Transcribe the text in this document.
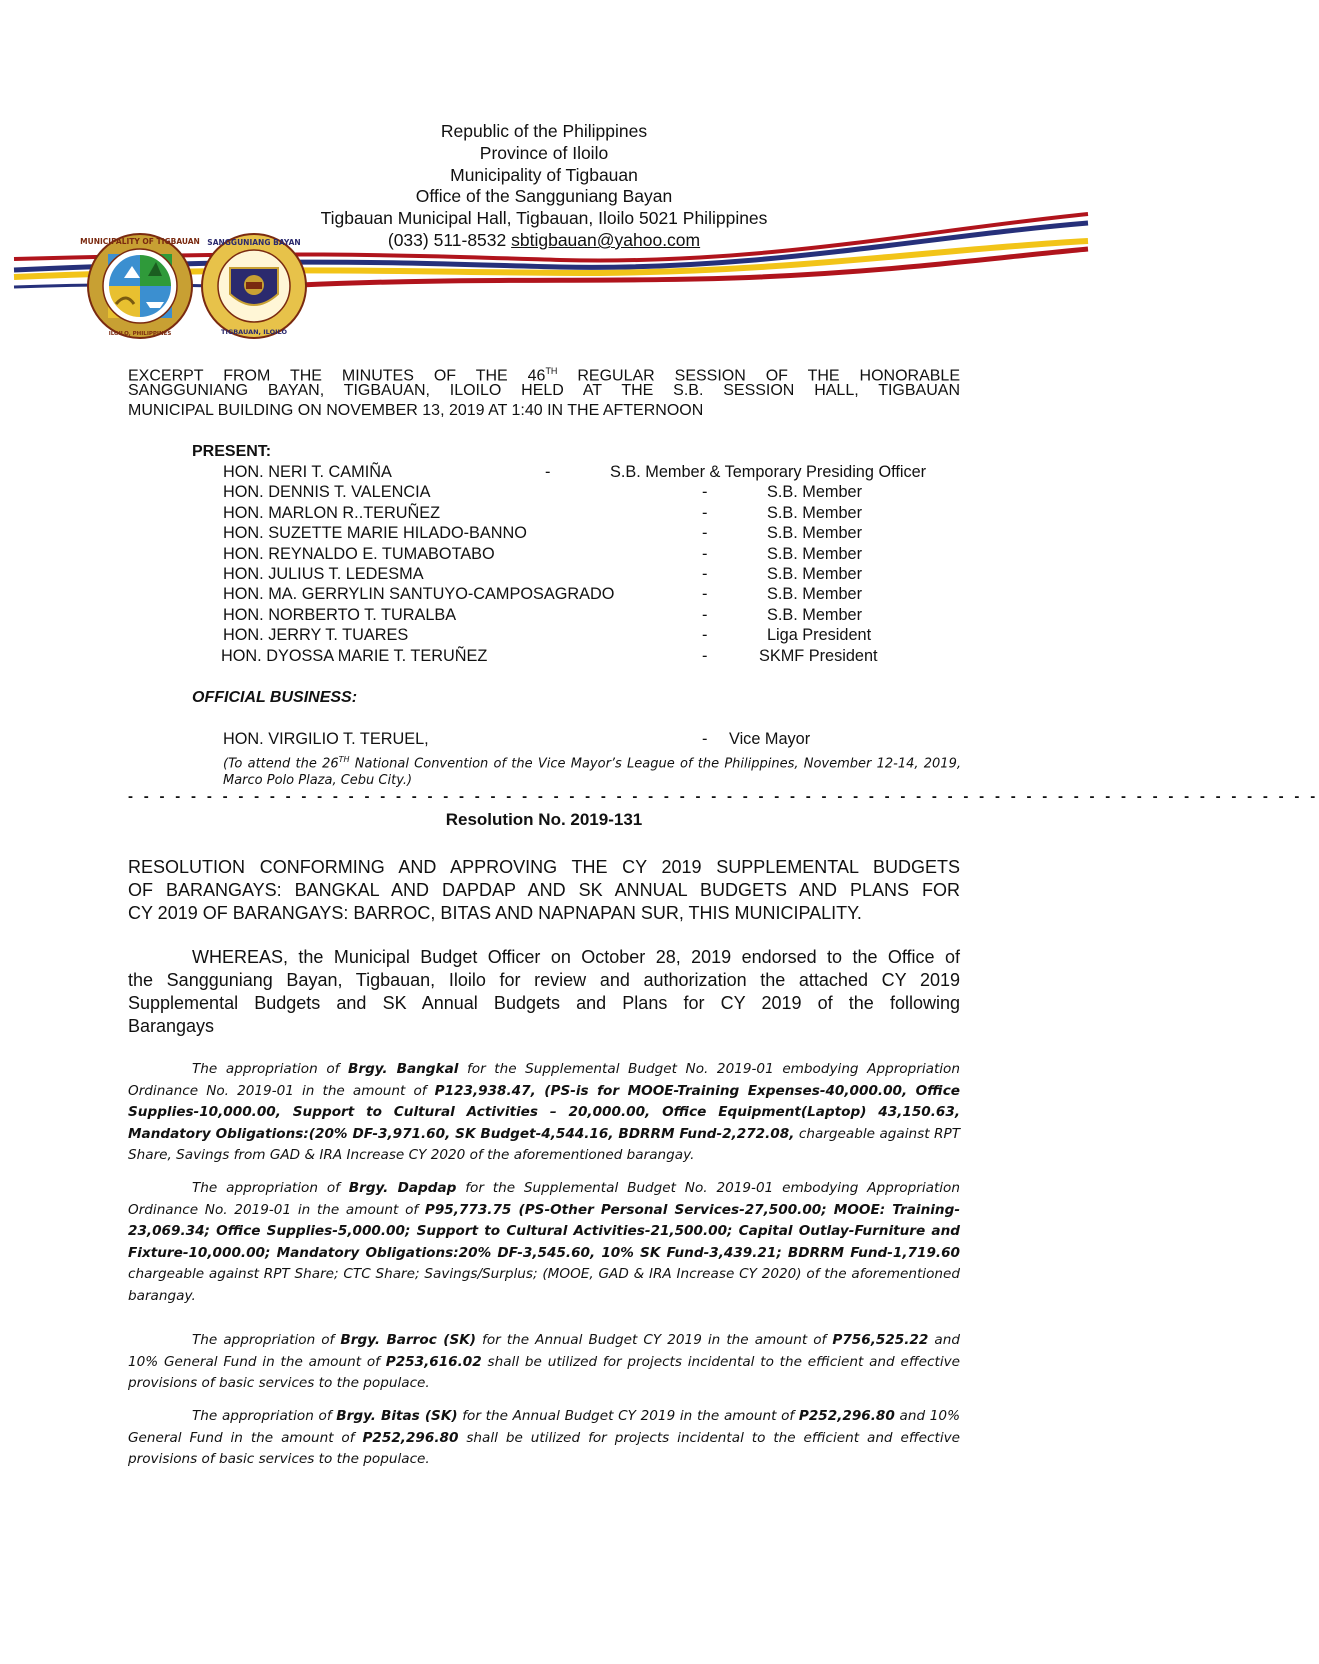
Republic of the Philippines
Province of Iloilo
Municipality of Tigbauan
Office of the Sangguniang Bayan
Tigbauan Municipal Hall, Tigbauan, Iloilo 5021 Philippines
(033) 511-8532 sbtigbauan@yahoo.com
MUNICIPALITY OF TIGBAUAN
ILOILO, PHILIPPINES
SANGGUNIANG BAYAN
TIGBAUAN, ILOILO
EXCERPT FROM THE MINUTES OF THE 46TH REGULAR SESSION OF THE HONORABLE
SANGGUNIANG BAYAN, TIGBAUAN, ILOILO HELD AT THE S.B. SESSION HALL, TIGBAUAN
MUNICIPAL BUILDING ON NOVEMBER 13, 2019 AT 1:40 IN THE AFTERNOON
PRESENT:
HON. NERI T. CAMIÑA	-	S.B. Member & Temporary Presiding Officer
HON. DENNIS T. VALENCIA	-	S.B. Member
HON. MARLON R..TERUÑEZ	-	S.B. Member
HON. SUZETTE MARIE HILADO-BANNO	-	S.B. Member
HON. REYNALDO E. TUMABOTABO	-	S.B. Member
HON. JULIUS T. LEDESMA	-	S.B. Member
HON. MA. GERRYLIN SANTUYO-CAMPOSAGRADO	-	S.B. Member
HON. NORBERTO T. TURALBA	-	S.B. Member
HON. JERRY T. TUARES	-	Liga President
HON. DYOSSA MARIE T. TERUÑEZ	-	SKMF President
OFFICIAL BUSINESS:
HON. VIRGILIO T. TERUEL,	- Vice Mayor
(To attend the 26TH National Convention of the Vice Mayor’s League of the Philippines, November 12-14, 2019,
Marco Polo Plaza, Cebu City.)
- - - - - - - - - - - - - - - - - - - - - - - - - - - - - - - - - - - - - - - - - - - - - - - - - - - - - - - - - - - - - - - - - - - - - - - - - - - -
Resolution No. 2019-131
RESOLUTION CONFORMING AND APPROVING THE CY 2019 SUPPLEMENTAL BUDGETS
OF BARANGAYS: BANGKAL AND DAPDAP AND SK ANNUAL BUDGETS AND PLANS FOR
CY 2019 OF BARANGAYS: BARROC, BITAS AND NAPNAPAN SUR, THIS MUNICIPALITY.
WHEREAS, the Municipal Budget Officer on October 28, 2019 endorsed to the Office of
the Sangguniang Bayan, Tigbauan, Iloilo for review and authorization the attached CY 2019
Supplemental Budgets and SK Annual Budgets and Plans for CY 2019 of the following
Barangays
The appropriation of Brgy. Bangkal for the Supplemental Budget No. 2019-01 embodying Appropriation Ordinance No. 2019-01 in the amount of P123,938.47, (PS-is for MOOE-Training Expenses-40,000.00, Office Supplies-10,000.00, Support to Cultural Activities – 20,000.00, Office Equipment(Laptop) 43,150.63, Mandatory Obligations:(20% DF-3,971.60, SK Budget-4,544.16, BDRRM Fund-2,272.08, chargeable against RPT Share, Savings from GAD & IRA Increase CY 2020 of the aforementioned barangay.
The appropriation of Brgy. Dapdap for the Supplemental Budget No. 2019-01 embodying Appropriation Ordinance No. 2019-01 in the amount of P95,773.75 (PS-Other Personal Services-27,500.00; MOOE: Training-23,069.34; Office Supplies-5,000.00; Support to Cultural Activities-21,500.00; Capital Outlay-Furniture and Fixture-10,000.00; Mandatory Obligations:20% DF-3,545.60, 10% SK Fund-3,439.21; BDRRM Fund-1,719.60 chargeable against RPT Share; CTC Share; Savings/Surplus; (MOOE, GAD & IRA Increase CY 2020) of the aforementioned barangay.
The appropriation of Brgy. Barroc (SK) for the Annual Budget CY 2019 in the amount of P756,525.22 and 10% General Fund in the amount of P253,616.02 shall be utilized for projects incidental to the efficient and effective provisions of basic services to the populace.
The appropriation of Brgy. Bitas (SK) for the Annual Budget CY 2019 in the amount of P252,296.80 and 10% General Fund in the amount of P252,296.80 shall be utilized for projects incidental to the efficient and effective provisions of basic services to the populace.
